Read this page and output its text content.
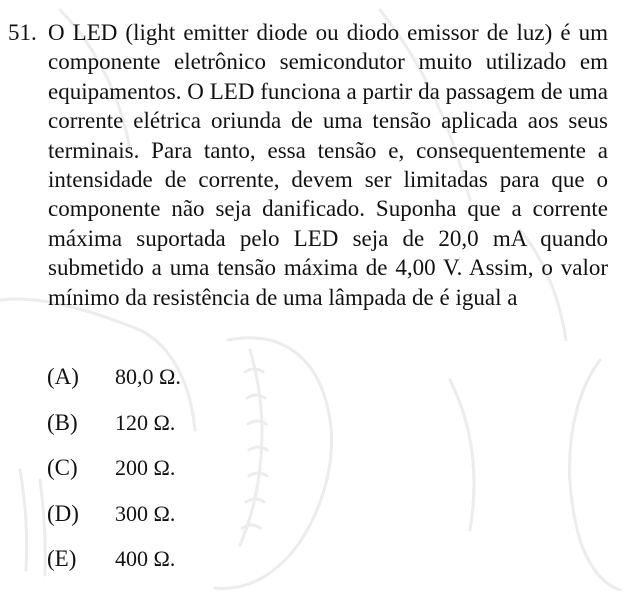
51. O LED (light emitter diode ou diodo emissor de luz) é um componente eletrônico semicondutor muito utilizado em equipamentos. O LED funciona a partir da passagem de uma corrente elétrica oriunda de uma tensão aplicada aos seus terminais. Para tanto, essa tensão e, consequentemente a intensidade de corrente, devem ser limitadas para que o componente não seja danificado. Suponha que a corrente máxima suportada pelo LED seja de 20,0 mA quando submetido a uma tensão máxima de 4,00 V. Assim, o valor mínimo da resistência de uma lâmpada de é igual a
(A)	80,0 Ω.
(B)	120 Ω.
(C)	200 Ω.
(D)	300 Ω.
(E)	400 Ω.
